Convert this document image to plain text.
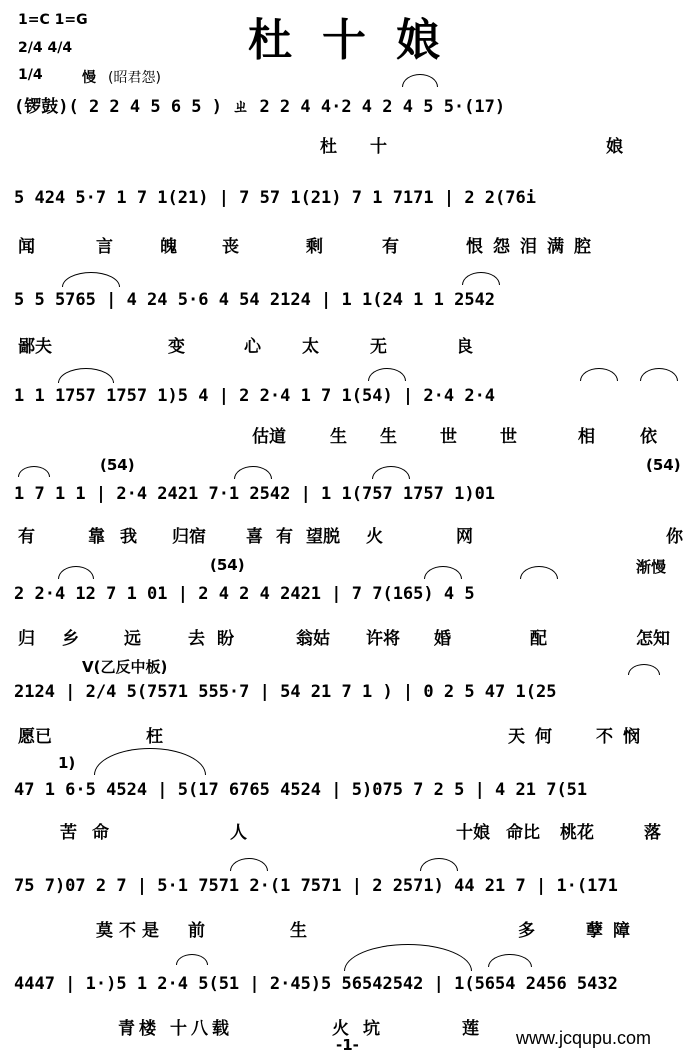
1=C 1=G
2/4 4/4
1/4	慢 (昭君怨)
杜十娘
(锣鼓)( 2 2 4 5 6 5 ) ㄓ 2 2 4 4·2 4 2 4 5 5·(17)
杜 十	娘
5 424 5·7 1 7 1(21) | 7 57 1(21) 7 1 7171 | 2 2(76i
闻	言	魄	丧	剩	有	恨怨泪满腔
5 5 5765 | 4 24 5·6 4 54 2124 | 1 1(24 1 1 2542
鄙夫	变	心 太	无	良
1 1 1757 1757 1)5 4 | 2 2·4 1 7 1(54) | 2·4 2·4
估道	生 生	世	世	相	依
(54)	(54)
1 7 1 1 | 2·4 2421 7·1 2542 | 1 1(757 1757 1)01
有	靠 我 归宿 喜 有 望脱 火	网	你
(54)	渐慢
2 2·4 12 7 1 01 | 2 4 2 4 2421 | 7 7(165) 4 5
归 乡	远	去盼	翁姑 许将 婚	配	怎知
V(乙反中板)
2124 | 2/4 5(7571 555·7 | 54 21 7 1 ) | 0 2 5 47 1(25
愿已	枉	天何 不悯
1)
47 1 6·5 4524 | 5(17 6765 4524 | 5)075 7 2 5 | 4 21 7(51
苦 命	人	十娘 命比 桃花	落
75 7)07 2 7 | 5·1 7571 2·(1 7571 | 2 2571) 44 21 7 | 1·(171
莫不是 前	生	多	孽障
4447 | 1·)5 1 2·4 5(51 | 2·45)5 56542542 | 1(5654 2456 5432
青楼 十八载	火坑	莲
-1-	www.jcqupu.com
